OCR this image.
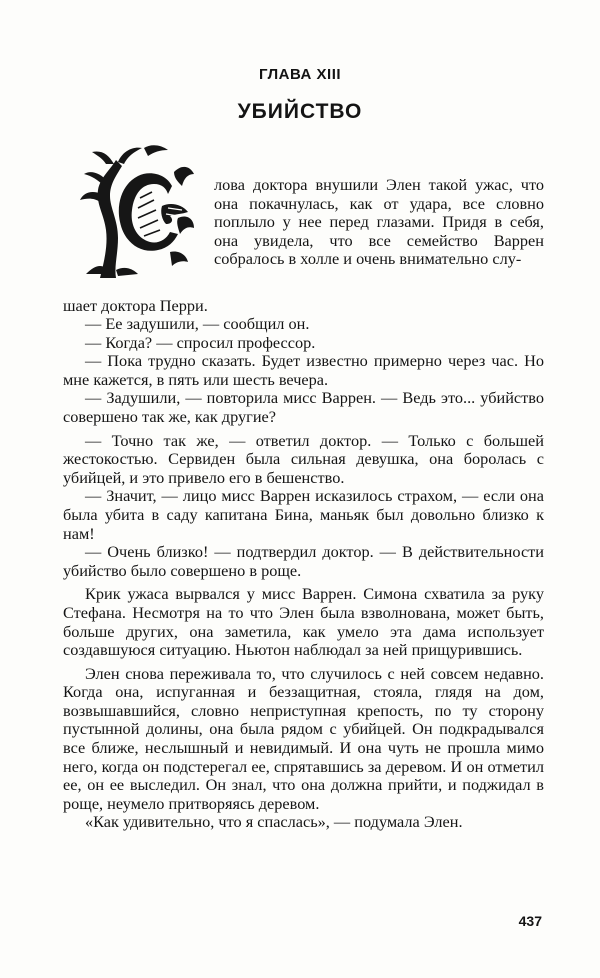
ГЛАВА XIII
УБИЙСТВО
лова доктора внушили Элен такой ужас, что она покачнулась, как от удара, все словно поплыло у нее перед глазами. Придя в себя, она увидела, что все семейство Варрен собралось в холле и очень внимательно слу-
шает доктора Перри.

— Ее задушили, — сообщил он.

— Когда? — спросил профессор.

— Пока трудно сказать. Будет известно примерно через час. Но мне кажется, в пять или шесть вечера.

— Задушили, — повторила мисс Варрен. — Ведь это... убийство совершено так же, как другие?

— Точно так же, — ответил доктор. — Только с большей жестокостью. Сервиден была сильная девушка, она боролась с убийцей, и это привело его в бешенство.

— Значит, — лицо мисс Варрен исказилось страхом, — если она была убита в саду капитана Бина, маньяк был довольно близко к нам!

— Очень близко! — подтвердил доктор. — В действительности убийство было совершено в роще.

Крик ужаса вырвался у мисс Варрен. Симона схватила за руку Стефана. Несмотря на то что Элен была взволнована, может быть, больше других, она заметила, как умело эта дама использует создавшуюся ситуацию. Ньютон наблюдал за ней прищурившись.

Элен снова переживала то, что случилось с ней совсем недавно. Когда она, испуганная и беззащитная, стояла, глядя на дом, возвышавшийся, словно неприступная крепость, по ту сторону пустынной долины, она была рядом с убийцей. Он подкрадывался все ближе, неслышный и невидимый. И она чуть не прошла мимо него, когда он подстерегал ее, спрятавшись за деревом. И он отметил ее, он ее выследил. Он знал, что она должна прийти, и поджидал в роще, неумело притворяясь деревом.

«Как удивительно, что я спаслась», — подумала Элен.

437
